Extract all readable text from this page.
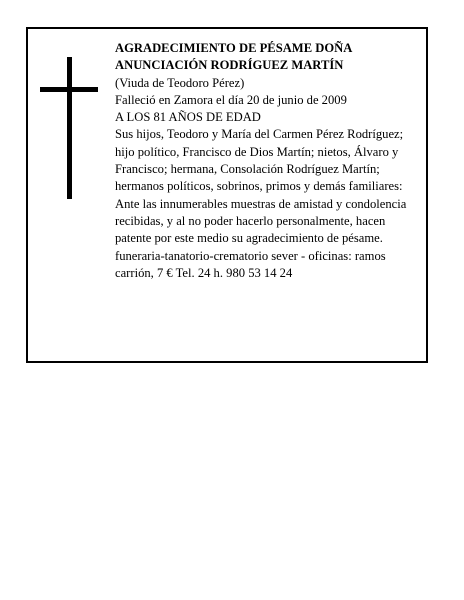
AGRADECIMIENTO DE PÉSAME DOÑA ANUNCIACIÓN RODRÍGUEZ MARTÍN

(Viuda de Teodoro Pérez)

Falleció en Zamora el día 20 de junio de 2009

A LOS 81 AÑOS DE EDAD

Sus hijos, Teodoro y María del Carmen Pérez Rodríguez; hijo político, Francisco de Dios Martín; nietos, Álvaro y Francisco; hermana, Consolación Rodríguez Martín; hermanos políticos, sobrinos, primos y demás familiares:

Ante las innumerables muestras de amistad y condolencia recibidas, y al no poder hacerlo personalmente, hacen patente por este medio su agradecimiento de pésame.

funeraria-tanatorio-crematorio sever - oficinas: ramos carrión, 7 € Tel. 24 h. 980 53 14 24
